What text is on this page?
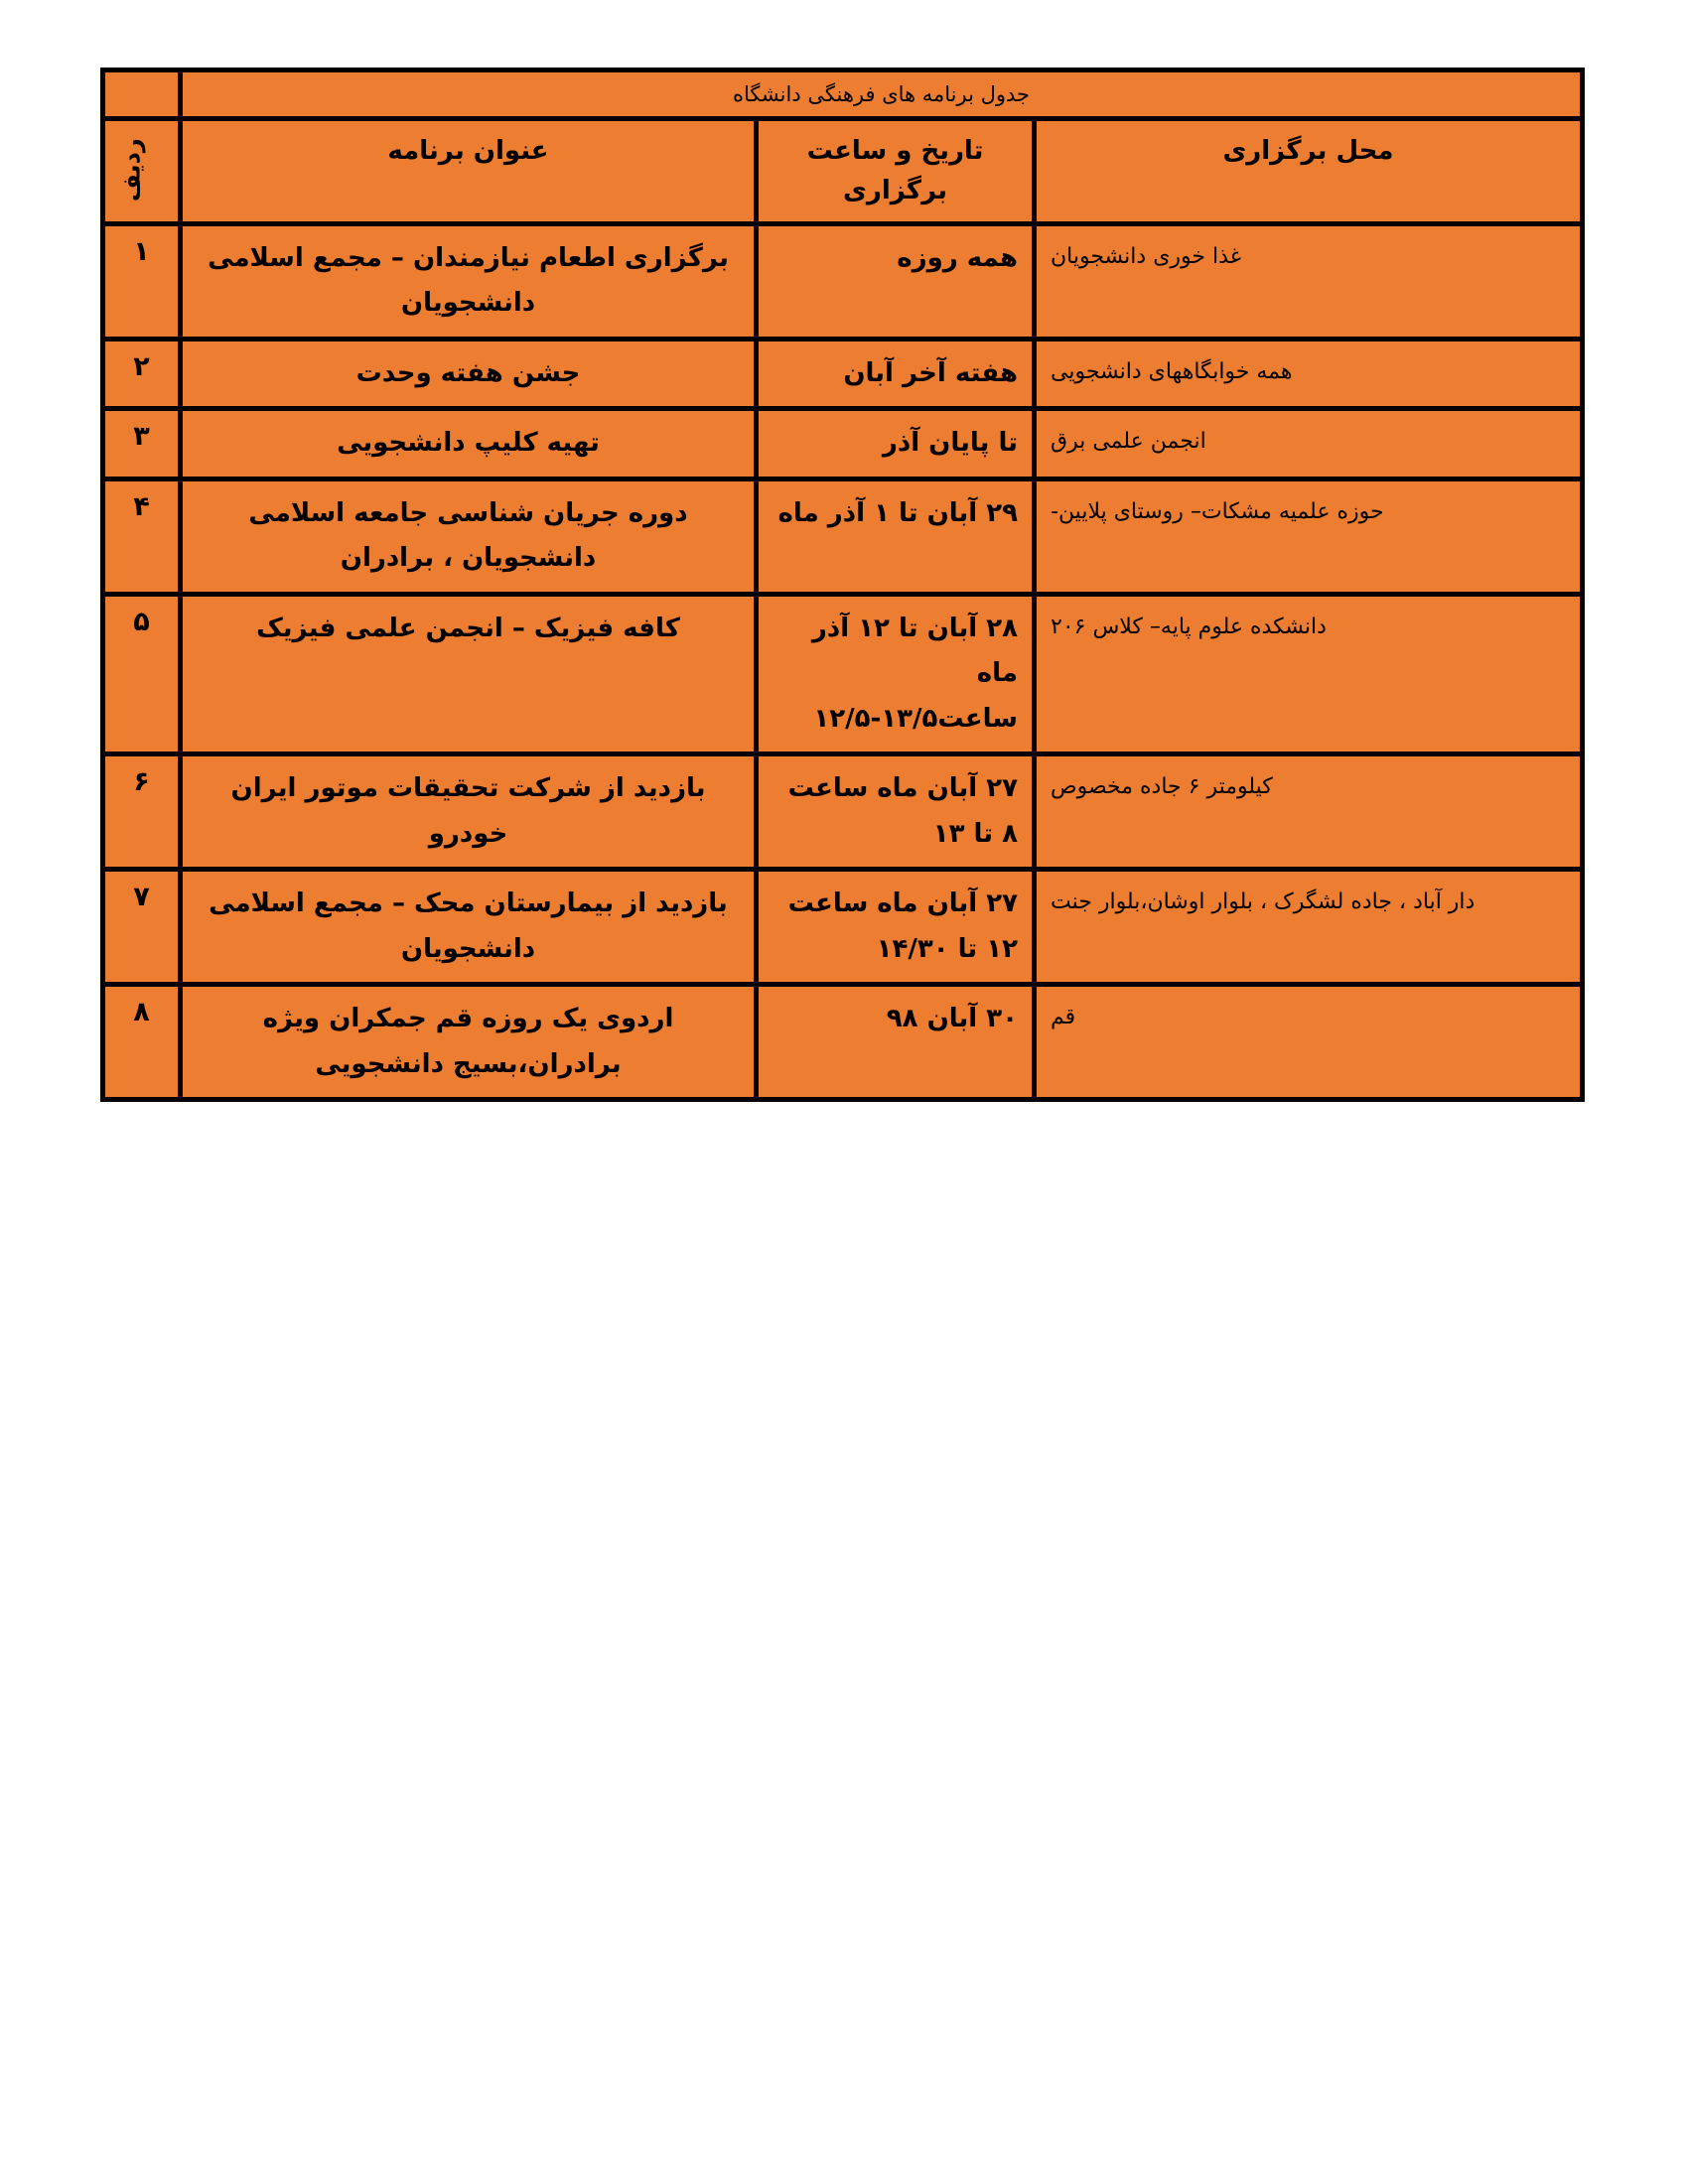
جدول برنامه های فرهنگی دانشگاه			
محل برگزاری	تاریخ و ساعت برگزاری	عنوان برنامه	ردیف
غذا خوری دانشجویان	همه روزه	برگزاری اطعام نیازمندان – مجمع اسلامی دانشجویان	۱
همه خوابگاههای دانشجویی	هفته آخر آبان	جشن هفته وحدت	۲
انجمن علمی برق	تا پایان آذر	تهیه کلیپ دانشجویی	۳
حوزه علمیه مشکات– روستای پلایین-	۲۹ آبان تا ۱ آذر ماه	دوره جریان شناسی جامعه اسلامی دانشجویان ، برادران	۴
دانشکده علوم پایه– کلاس ۲۰۶	۲۸ آبان تا ۱۲ آذر ماه ساعت۱۳/۵-۱۲/۵	کافه فیزیک – انجمن علمی فیزیک	۵
کیلومتر ۶ جاده مخصوص	۲۷ آبان ماه ساعت ۸ تا ۱۳	بازدید از شرکت تحقیقات موتور ایران خودرو	۶
دار آباد ، جاده لشگرک ، بلوار اوشان،بلوار جنت	۲۷ آبان ماه ساعت ۱۲ تا ۱۴/۳۰	بازدید از بیمارستان محک – مجمع اسلامی دانشجویان	۷
قم	۳۰ آبان ۹۸	اردوی یک روزه قم جمکران ویژه برادران،بسیج دانشجویی	۸
